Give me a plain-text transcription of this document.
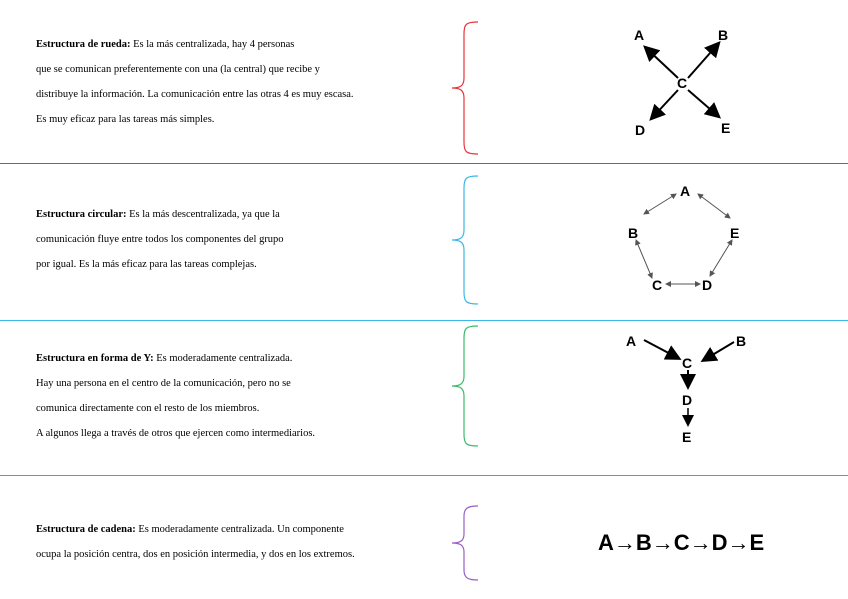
Estructura de rueda: Es la más centralizada, hay 4 personas

que se comunican preferentemente con una (la central) que recibe y

distribuye la información. La comunicación entre las otras 4 es muy escasa.

Es muy eficaz para las tareas más simples.

A	B
C
D	E

Estructura circular: Es la más descentralizada, ya que la

comunicación fluye entre todos los componentes del grupo

por igual. Es la más eficaz para las tareas complejas.

A
B
C	D
E

Estructura en forma de Y: Es moderadamente centralizada.

Hay una persona en el centro de la comunicación, pero no se

comunica directamente con el resto de los miembros.

A algunos llega a través de otros que ejercen como intermediarios.

A	B
C
D
E

Estructura de cadena: Es moderadamente centralizada. Un componente

ocupa la posición centra, dos en posición intermedia, y dos en los extremos.	A→B→C→D→E
